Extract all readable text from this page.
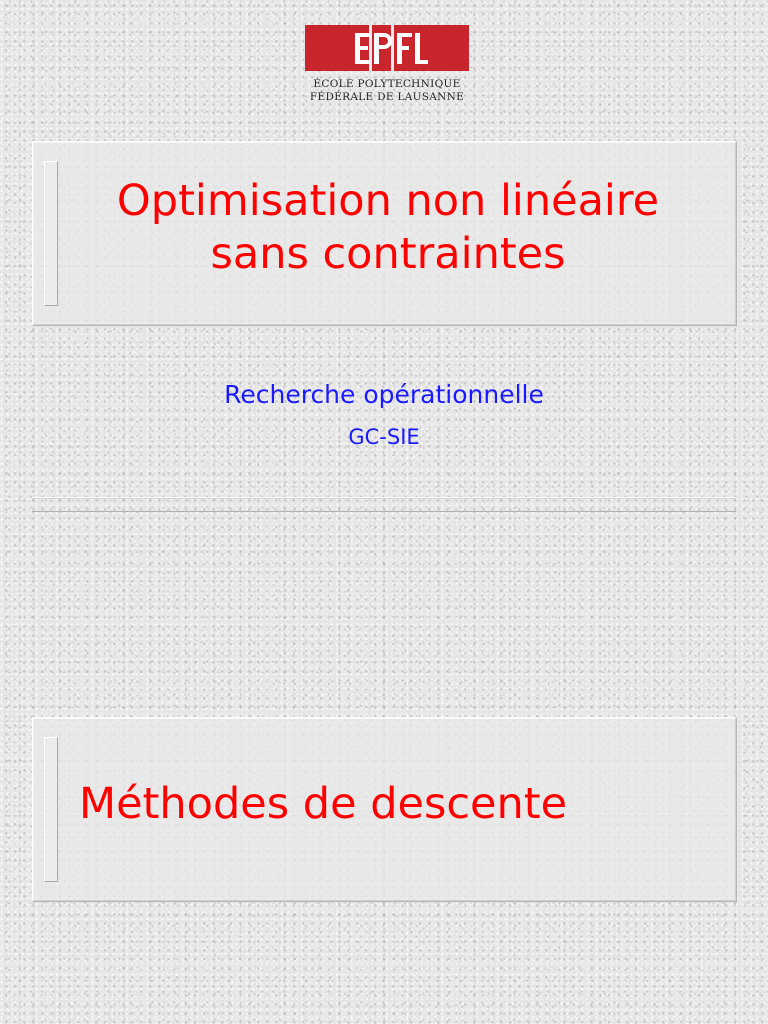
ÉCOLE POLYTECHNIQUE
FÉDÉRALE DE LAUSANNE
Optimisation non linéaire
sans contraintes
Recherche opérationnelle
GC-SIE
Méthodes de descente
